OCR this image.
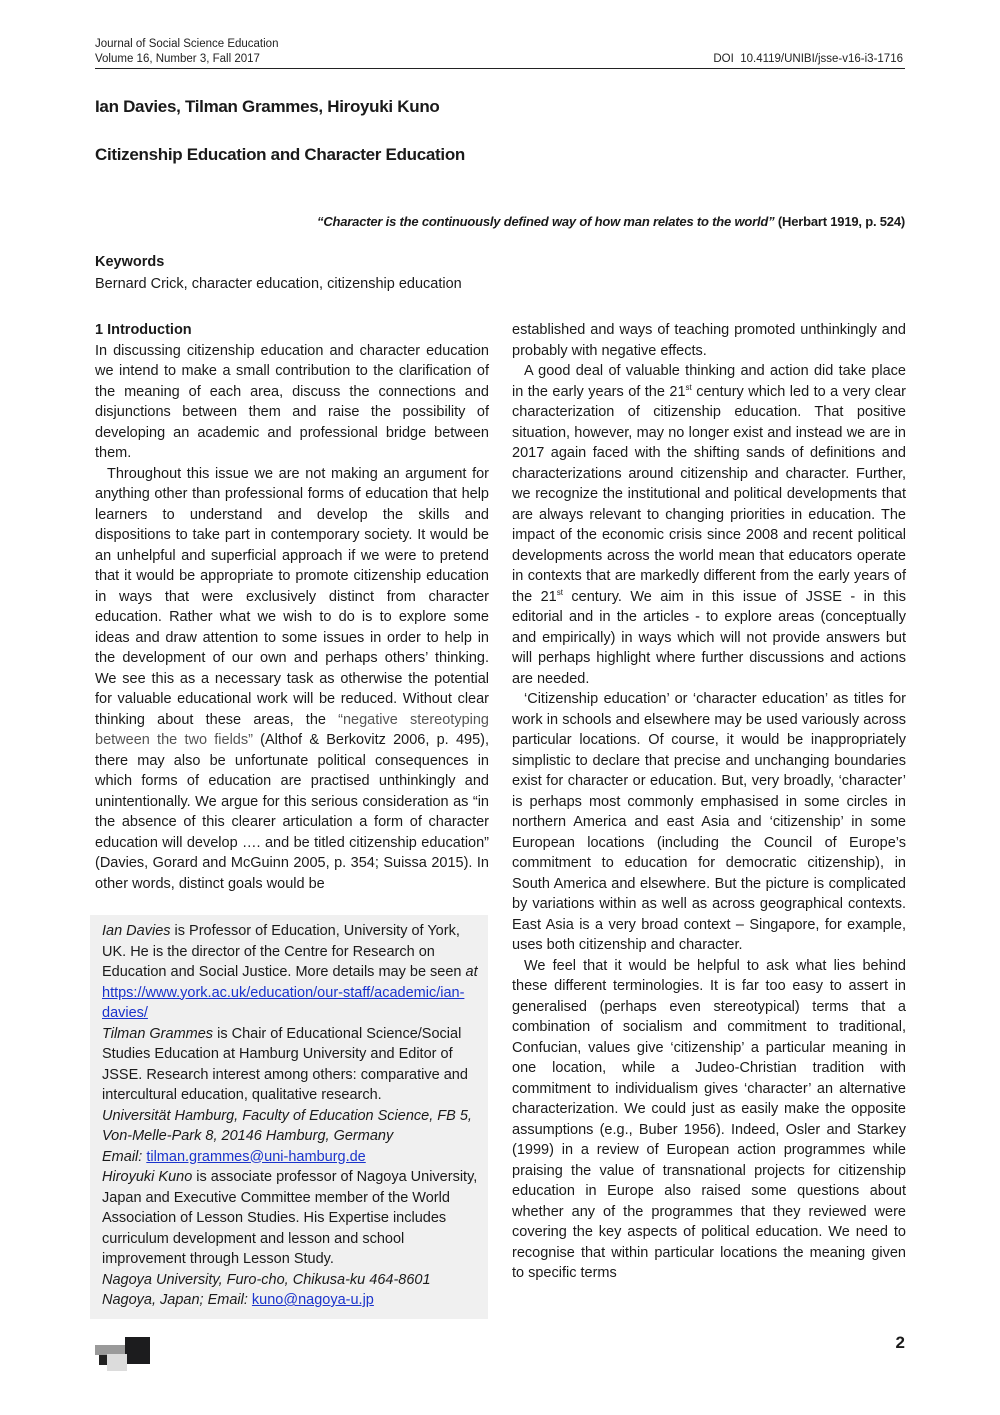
Journal of Social Science Education
Volume 16, Number 3, Fall 2017	DOI 10.4119/UNIBI/jsse-v16-i3-1716
Ian Davies, Tilman Grammes, Hiroyuki Kuno
Citizenship Education and Character Education
“Character is the continuously defined way of how man relates to the world” (Herbart 1919, p. 524)
Keywords
Bernard Crick, character education, citizenship education

1 Introduction

In discussing citizenship education and character education we intend to make a small contribution to the clarification of the meaning of each area, discuss the connections and disjunctions between them and raise the possibility of developing an academic and professional bridge between them.

Throughout this issue we are not making an argument for anything other than professional forms of education that help learners to understand and develop the skills and dispositions to take part in contemporary society. It would be an unhelpful and superficial approach if we were to pretend that it would be appropriate to promote citizenship education in ways that were exclusively distinct from character education. Rather what we wish to do is to explore some ideas and draw attention to some issues in order to help in the development of our own and perhaps others’ thinking. We see this as a necessary task as otherwise the potential for valuable educational work will be reduced. Without clear thinking about these areas, the “negative stereotyping between the two fields” (Althof & Berkovitz 2006, p. 495), there may also be unfortunate political consequences in which forms of education are practised unthinkingly and unintentionally. We argue for this serious consideration as “in the absence of this clearer articulation a form of character education will develop …. and be titled citizenship education” (Davies, Gorard and McGuinn 2005, p. 354; Suissa 2015). In other words, distinct goals would be

Ian Davies is Professor of Education, University of York, UK. He is the director of the Centre for Research on Education and Social Justice. More details may be seen at https://www.york.ac.uk/education/our-staff/academic/ian-davies/

Tilman Grammes is Chair of Educational Science/Social Studies Education at Hamburg University and Editor of JSSE. Research interest among others: comparative and intercultural education, qualitative research.

Universität Hamburg, Faculty of Education Science, FB 5, Von-Melle-Park 8, 20146 Hamburg, Germany

Email: tilman.grammes@uni-hamburg.de

Hiroyuki Kuno is associate professor of Nagoya University, Japan and Executive Committee member of the World Association of Lesson Studies. His Expertise includes curriculum development and lesson and school improvement through Lesson Study.

Nagoya University, Furo-cho, Chikusa-ku 464-8601 Nagoya, Japan; Email: kuno@nagoya-u.jp

established and ways of teaching promoted unthinkingly and probably with negative effects.

A good deal of valuable thinking and action did take place in the early years of the 21st century which led to a very clear characterization of citizenship education. That positive situation, however, may no longer exist and instead we are in 2017 again faced with the shifting sands of definitions and characterizations around citizenship and character. Further, we recognize the institutional and political developments that are always relevant to changing priorities in education. The impact of the economic crisis since 2008 and recent political developments across the world mean that educators operate in contexts that are markedly different from the early years of the 21st century. We aim in this issue of JSSE - in this editorial and in the articles - to explore areas (conceptually and empirically) in ways which will not provide answers but will perhaps highlight where further discussions and actions are needed.

‘Citizenship education’ or ‘character education’ as titles for work in schools and elsewhere may be used variously across particular locations. Of course, it would be inappropriately simplistic to declare that precise and unchanging boundaries exist for character or education. But, very broadly, ‘character’ is perhaps most commonly emphasised in some circles in northern America and east Asia and ‘citizenship’ in some European locations (including the Council of Europe’s commitment to education for democratic citizenship), in South America and elsewhere. But the picture is complicated by variations within as well as across geographical contexts. East Asia is a very broad context – Singapore, for example, uses both citizenship and character.

We feel that it would be helpful to ask what lies behind these different terminologies. It is far too easy to assert in generalised (perhaps even stereotypical) terms that a combination of socialism and commitment to traditional, Confucian, values give ‘citizenship’ a particular meaning in one location, while a Judeo-Christian tradition with commitment to individualism gives ‘character’ an alternative characterization. We could just as easily make the opposite assumptions (e.g., Buber 1956). Indeed, Osler and Starkey (1999) in a review of European action programmes while praising the value of transnational projects for citizenship education in Europe also raised some questions about whether any of the programmes that they reviewed were covering the key aspects of political education. We need to recognise that within particular locations the meaning given to specific terms

2
